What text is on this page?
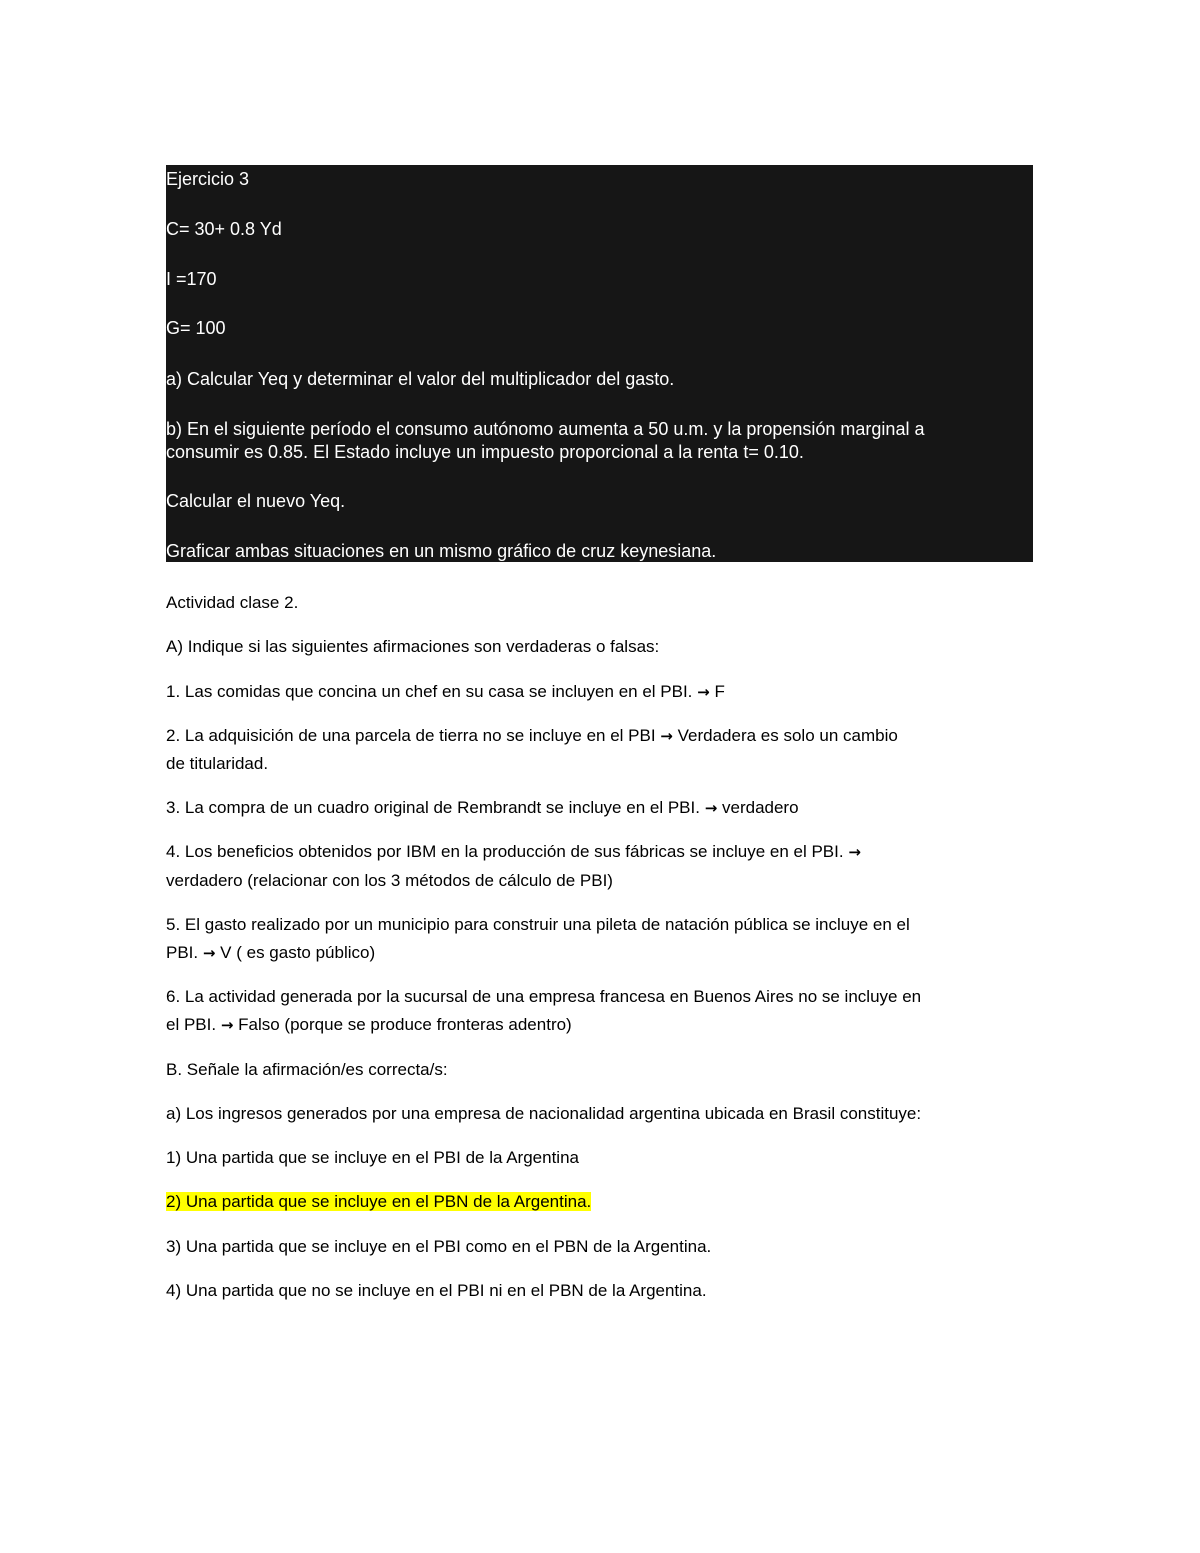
Ejercicio 3

C= 30+ 0.8 Yd

I =170

G= 100

a) Calcular Yeq y determinar el valor del multiplicador del gasto.

b) En el siguiente período el consumo autónomo aumenta a 50 u.m. y la propensión marginal a

consumir es 0.85. El Estado incluye un impuesto proporcional a la renta t= 0.10.

Calcular el nuevo Yeq.

Graficar ambas situaciones en un mismo gráfico de cruz keynesiana.

Actividad clase 2.

A) Indique si las siguientes afirmaciones son verdaderas o falsas:

1. Las comidas que concina un chef en su casa se incluyen en el PBI. → F

2. La adquisición de una parcela de tierra no se incluye en el PBI → Verdadera es solo un cambio

de titularidad.

3. La compra de un cuadro original de Rembrandt se incluye en el PBI. → verdadero

4. Los beneficios obtenidos por IBM en la producción de sus fábricas se incluye en el PBI. →

verdadero (relacionar con los 3 métodos de cálculo de PBI)

5. El gasto realizado por un municipio para construir una pileta de natación pública se incluye en el

PBI. → V ( es gasto público)

6. La actividad generada por la sucursal de una empresa francesa en Buenos Aires no se incluye en

el PBI. → Falso (porque se produce fronteras adentro)

B. Señale la afirmación/es correcta/s:

a) Los ingresos generados por una empresa de nacionalidad argentina ubicada en Brasil constituye:

1) Una partida que se incluye en el PBI de la Argentina

2) Una partida que se incluye en el PBN de la Argentina.

3) Una partida que se incluye en el PBI como en el PBN de la Argentina.

4) Una partida que no se incluye en el PBI ni en el PBN de la Argentina.
